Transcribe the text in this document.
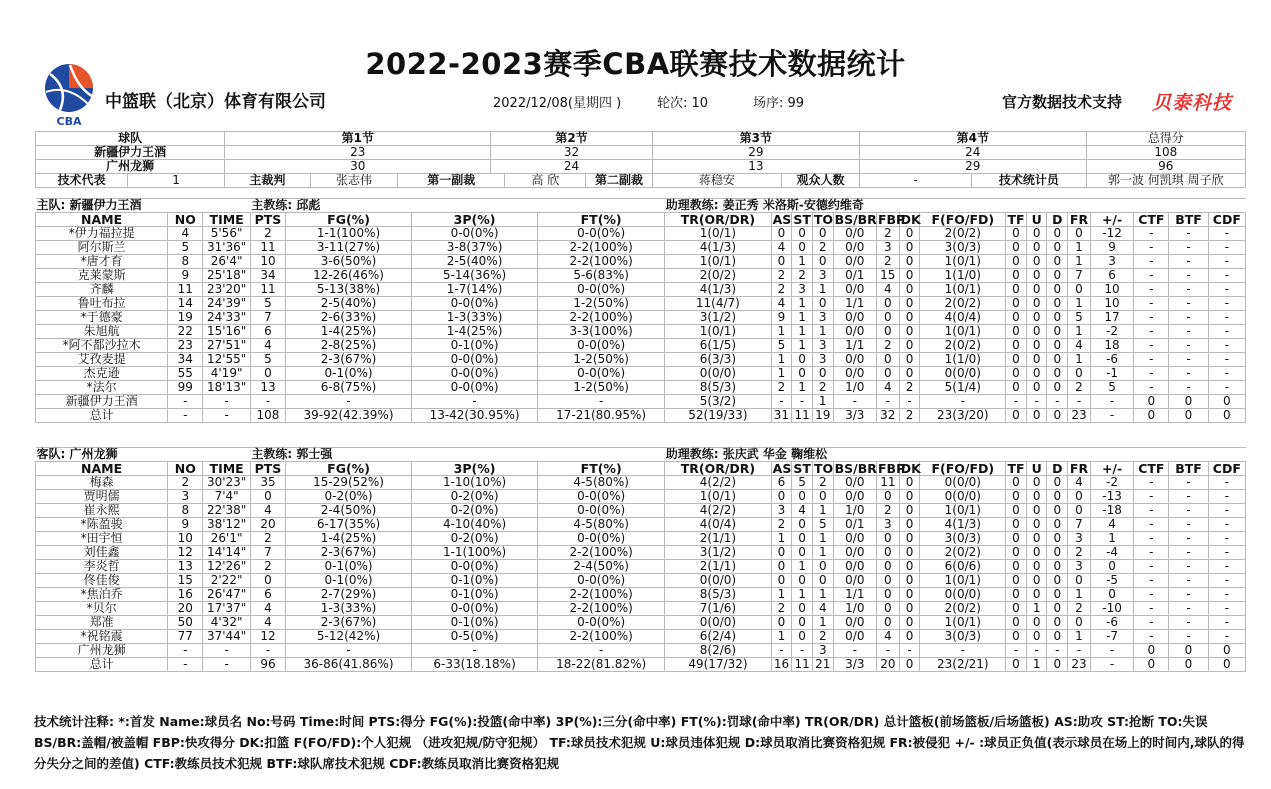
2022-2023赛季CBA联赛技术数据统计
CBA
中篮联（北京）体育有限公司	2022/12/08(星期四 )	轮次: 10	场序: 99	官方数据技术支持 贝泰科技
球队		第1节			第2节			第3节		第4节		总得分
新疆伊力王酒		23			32			29		24		108
广州龙狮		30			24			13		29		96
技术代表	1	主裁判	张志伟	第一副裁		高 欣	第二副裁	蒋稳安	观众人数	-	技术统计员	郭一波 何凯琪 周子欣
主队: 新疆伊力王酒			主教练: 邱彪				助理教练: 姜正秀 米洛斯-安德约维奇															
NAME	NO	TIME	PTS	FG(%)	3P(%)	FT(%)	TR(OR/DR)	AS	ST	TO	BS/BR	FBP	DK	F(FO/FD)	TF	U	D	FR	+/-	CTF	BTF	CDF
*伊力福拉提	4	5'56"	2	1-1(100%)	0-0(0%)	0-0(0%)	1(0/1)	0	0	0	0/0	2	0	2(0/2)	0	0	0	0	-12	-	-	-
阿尔斯兰	5	31'36"	11	3-11(27%)	3-8(37%)	2-2(100%)	4(1/3)	4	0	2	0/0	3	0	3(0/3)	0	0	0	1	9	-	-	-
*唐才育	8	26'4"	10	3-6(50%)	2-5(40%)	2-2(100%)	1(0/1)	0	1	0	0/0	2	0	1(0/1)	0	0	0	1	3	-	-	-
克莱蒙斯	9	25'18"	34	12-26(46%)	5-14(36%)	5-6(83%)	2(0/2)	2	2	3	0/1	15	0	1(1/0)	0	0	0	7	6	-	-	-
齐麟	11	23'20"	11	5-13(38%)	1-7(14%)	0-0(0%)	4(1/3)	2	3	1	0/0	4	0	1(0/1)	0	0	0	0	10	-	-	-
鲁吐布拉	14	24'39"	5	2-5(40%)	0-0(0%)	1-2(50%)	11(4/7)	4	1	0	1/1	0	0	2(0/2)	0	0	0	1	10	-	-	-
*于德豪	19	24'33"	7	2-6(33%)	1-3(33%)	2-2(100%)	3(1/2)	9	1	3	0/0	0	0	4(0/4)	0	0	0	5	17	-	-	-
朱旭航	22	15'16"	6	1-4(25%)	1-4(25%)	3-3(100%)	1(0/1)	1	1	1	0/0	0	0	1(0/1)	0	0	0	1	-2	-	-	-
*阿不都沙拉木	23	27'51"	4	2-8(25%)	0-1(0%)	0-0(0%)	6(1/5)	5	1	3	1/1	2	0	2(0/2)	0	0	0	4	18	-	-	-
艾孜麦提	34	12'55"	5	2-3(67%)	0-0(0%)	1-2(50%)	6(3/3)	1	0	3	0/0	0	0	1(1/0)	0	0	0	1	-6	-	-	-
杰克逊	55	4'19"	0	0-1(0%)	0-0(0%)	0-0(0%)	0(0/0)	1	0	0	0/0	0	0	0(0/0)	0	0	0	0	-1	-	-	-
*法尔	99	18'13"	13	6-8(75%)	0-0(0%)	1-2(50%)	8(5/3)	2	1	2	1/0	4	2	5(1/4)	0	0	0	2	5	-	-	-
新疆伊力王酒	-	-	-	-	-	-	5(3/2)	-	-	1	-	-	-	-	-	-	-	-	-	0	0	0
总计	-	-	108	39-92(42.39%)	13-42(30.95%)	17-21(80.95%)	52(19/33)	31	11	19	3/3	32	2	23(3/20)	0	0	0	23	-	0	0	0
客队: 广州龙狮			主教练: 郭士强				助理教练: 张庆武 华金 鞠维松															
NAME	NO	TIME	PTS	FG(%)	3P(%)	FT(%)	TR(OR/DR)	AS	ST	TO	BS/BR	FBP	DK	F(FO/FD)	TF	U	D	FR	+/-	CTF	BTF	CDF
梅森	2	30'23"	35	15-29(52%)	1-10(10%)	4-5(80%)	4(2/2)	6	5	2	0/0	11	0	0(0/0)	0	0	0	4	-2	-	-	-
贾明儒	3	7'4"	0	0-2(0%)	0-2(0%)	0-0(0%)	1(0/1)	0	0	0	0/0	0	0	0(0/0)	0	0	0	0	-13	-	-	-
崔永熙	8	22'38"	4	2-4(50%)	0-2(0%)	0-0(0%)	4(2/2)	3	4	1	1/0	2	0	1(0/1)	0	0	0	0	-18	-	-	-
*陈盈骏	9	38'12"	20	6-17(35%)	4-10(40%)	4-5(80%)	4(0/4)	2	0	5	0/1	3	0	4(1/3)	0	0	0	7	4	-	-	-
*田宇恒	10	26'1"	2	1-4(25%)	0-2(0%)	0-0(0%)	2(1/1)	1	0	1	0/0	0	0	3(0/3)	0	0	0	3	1	-	-	-
刘佳鑫	12	14'14"	7	2-3(67%)	1-1(100%)	2-2(100%)	3(1/2)	0	0	1	0/0	0	0	2(0/2)	0	0	0	2	-4	-	-	-
李炎哲	13	12'26"	2	0-1(0%)	0-0(0%)	2-4(50%)	2(1/1)	0	1	0	0/0	0	0	6(0/6)	0	0	0	3	0	-	-	-
佟佳俊	15	2'22"	0	0-1(0%)	0-1(0%)	0-0(0%)	0(0/0)	0	0	0	0/0	0	0	1(0/1)	0	0	0	0	-5	-	-	-
*焦泊乔	16	26'47"	6	2-7(29%)	0-1(0%)	2-2(100%)	8(5/3)	1	1	1	1/1	0	0	0(0/0)	0	0	0	1	0	-	-	-
*贝尔	20	17'37"	4	1-3(33%)	0-0(0%)	2-2(100%)	7(1/6)	2	0	4	1/0	0	0	2(0/2)	0	1	0	2	-10	-	-	-
郑准	50	4'32"	4	2-3(67%)	0-1(0%)	0-0(0%)	0(0/0)	0	0	1	0/0	0	0	1(0/1)	0	0	0	0	-6	-	-	-
*祝铭震	77	37'44"	12	5-12(42%)	0-5(0%)	2-2(100%)	6(2/4)	1	0	2	0/0	4	0	3(0/3)	0	0	0	1	-7	-	-	-
广州龙狮	-	-	-	-	-	-	8(2/6)	-	-	3	-	-	-	-	-	-	-	-	-	0	0	0
总计	-	-	96	36-86(41.86%)	6-33(18.18%)	18-22(81.82%)	49(17/32)	16	11	21	3/3	20	0	23(2/21)	0	1	0	23	-	0	0	0
技术统计注释: *:首发 Name:球员名 No:号码 Time:时间 PTS:得分 FG(%):投篮(命中率) 3P(%):三分(命中率) FT(%):罚球(命中率) TR(OR/DR) 总计篮板(前场篮板/后场篮板) AS:助攻 ST:抢断 TO:失误 BS/BR:盖帽/被盖帽 FBP:快攻得分 DK:扣篮 F(FO/FD):个人犯规 （进攻犯规/防守犯规） TF:球员技术犯规 U:球员违体犯规 D:球员取消比赛资格犯规 FR:被侵犯 +/- :球员正负值(表示球员在场上的时间内,球队的得分失分之间的差值) CTF:教练员技术犯规 BTF:球队席技术犯规 CDF:教练员取消比赛资格犯规
